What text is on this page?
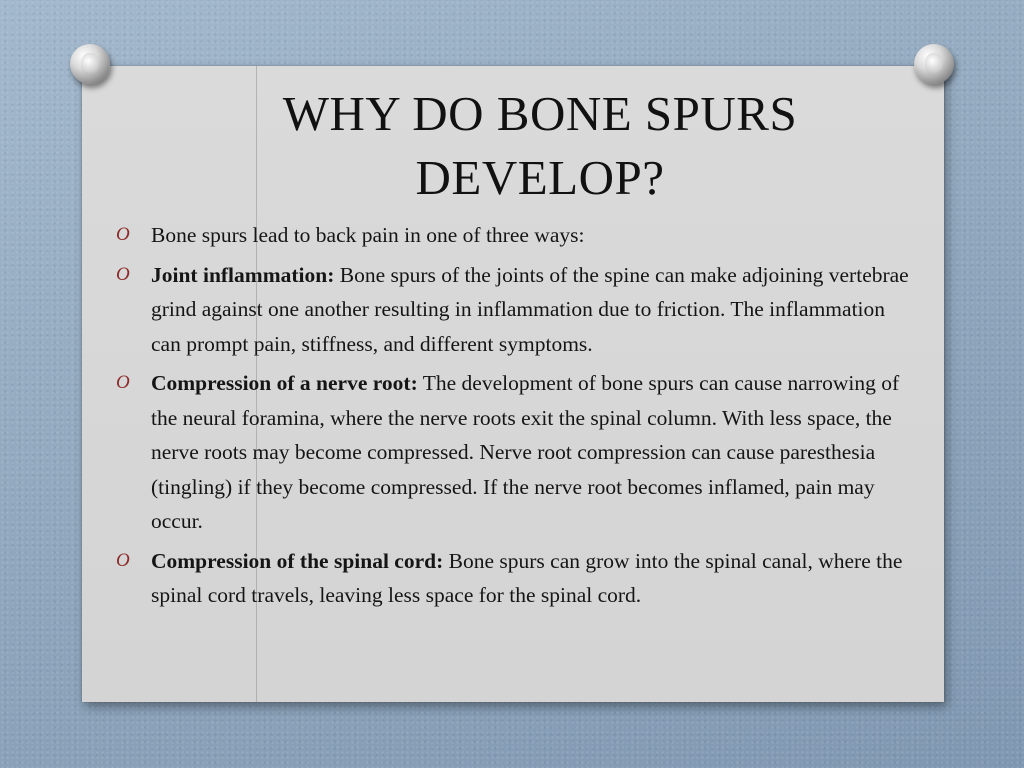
WHY DO BONE SPURS
DEVELOP?
O Bone spurs lead to back pain in one of three ways:
O Joint inflammation: Bone spurs of the joints of the spine can make adjoining vertebrae grind against one another resulting in inflammation due to friction. The inflammation can prompt pain, stiffness, and different symptoms.
O Compression of a nerve root: The development of bone spurs can cause narrowing of the neural foramina, where the nerve roots exit the spinal column. With less space, the nerve roots may become compressed. Nerve root compression can cause paresthesia (tingling) if they become compressed. If the nerve root becomes inflamed, pain may occur.
O Compression of the spinal cord: Bone spurs can grow into the spinal canal, where the spinal cord travels, leaving less space for the spinal cord.
